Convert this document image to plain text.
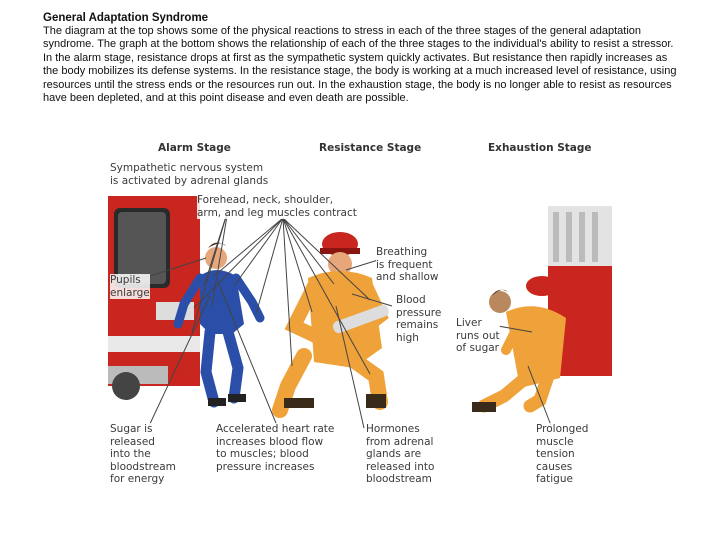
General Adaptation Syndrome
The diagram at the top shows some of the physical reactions to stress in each of the three stages of the general adaptation syndrome. The graph at the bottom shows the relationship of each of the three stages to the individual's ability to resist a stressor. In the alarm stage, resistance drops at first as the sympathetic system quickly activates. But resistance then rapidly increases as the body mobilizes its defense systems. In the resistance stage, the body is working at a much increased level of resistance, using resources until the stress ends or the resources run out. In the exhaustion stage, the body is no longer able to resist as resources have been depleted, and at this point disease and even death are possible.
Alarm Stage	Resistance Stage	Exhaustion Stage
Sympathetic nervous system
is activated by adrenal glands
Forehead, neck, shoulder,
arm, and leg muscles contract
Pupils
enlarge
Breathing
is frequent
and shallow
Blood
pressure
remains
high
Liver
runs out
of sugar
Sugar is
released
into the
bloodstream
for energy
Accelerated heart rate
increases blood flow
to muscles; blood
pressure increases
Hormones
from adrenal
glands are
released into
bloodstream
Prolonged
muscle tension
causes fatigue
